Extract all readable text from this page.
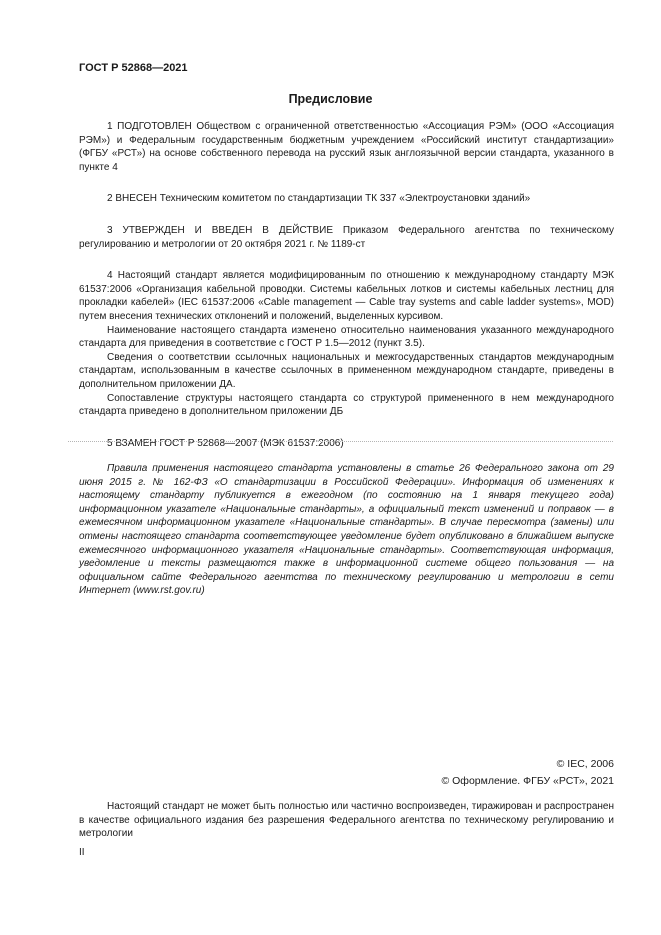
ГОСТ Р 52868—2021
Предисловие

1 ПОДГОТОВЛЕН Обществом с ограниченной ответственностью «Ассоциация РЭМ» (ООО «Ассоциация РЭМ») и Федеральным государственным бюджетным учреждением «Российский институт стандартизации» (ФГБУ «РСТ») на основе собственного перевода на русский язык англоязычной версии стандарта, указанного в пункте 4

2 ВНЕСЕН Техническим комитетом по стандартизации ТК 337 «Электроустановки зданий»

3 УТВЕРЖДЕН И ВВЕДЕН В ДЕЙСТВИЕ Приказом Федерального агентства по техническому регулированию и метрологии от 20 октября 2021 г. № 1189-ст

4 Настоящий стандарт является модифицированным по отношению к международному стандарту МЭК 61537:2006 «Организация кабельной проводки. Системы кабельных лотков и системы кабельных лестниц для прокладки кабелей» (IEC 61537:2006 «Cable management — Cable tray systems and cable ladder systems», MOD) путем внесения технических отклонений и положений, выделенных курсивом.

Наименование настоящего стандарта изменено относительно наименования указанного международного стандарта для приведения в соответствие с ГОСТ Р 1.5—2012 (пункт 3.5).

Сведения о соответствии ссылочных национальных и межгосударственных стандартов международным стандартам, использованным в качестве ссылочных в примененном международном стандарте, приведены в дополнительном приложении ДА.

Сопоставление структуры настоящего стандарта со структурой примененного в нем международного стандарта приведено в дополнительном приложении ДБ

5 ВЗАМЕН ГОСТ Р 52868—2007 (МЭК 61537:2006)

Правила применения настоящего стандарта установлены в статье 26 Федерального закона от 29 июня 2015 г. № 162-ФЗ «О стандартизации в Российской Федерации». Информация об изменениях к настоящему стандарту публикуется в ежегодном (по состоянию на 1 января текущего года) информационном указателе «Национальные стандарты», а официальный текст изменений и поправок — в ежемесячном информационном указателе «Национальные стандарты». В случае пересмотра (замены) или отмены настоящего стандарта соответствующее уведомление будет опубликовано в ближайшем выпуске ежемесячного информационного указателя «Национальные стандарты». Соответствующая информация, уведомление и тексты размещаются также в информационной системе общего пользования — на официальном сайте Федерального агентства по техническому регулированию и метрологии в сети Интернет (www.rst.gov.ru)

© IEC, 2006
© Оформление. ФГБУ «РСТ», 2021

Настоящий стандарт не может быть полностью или частично воспроизведен, тиражирован и распространен в качестве официального издания без разрешения Федерального агентства по техническому регулированию и метрологии

II
